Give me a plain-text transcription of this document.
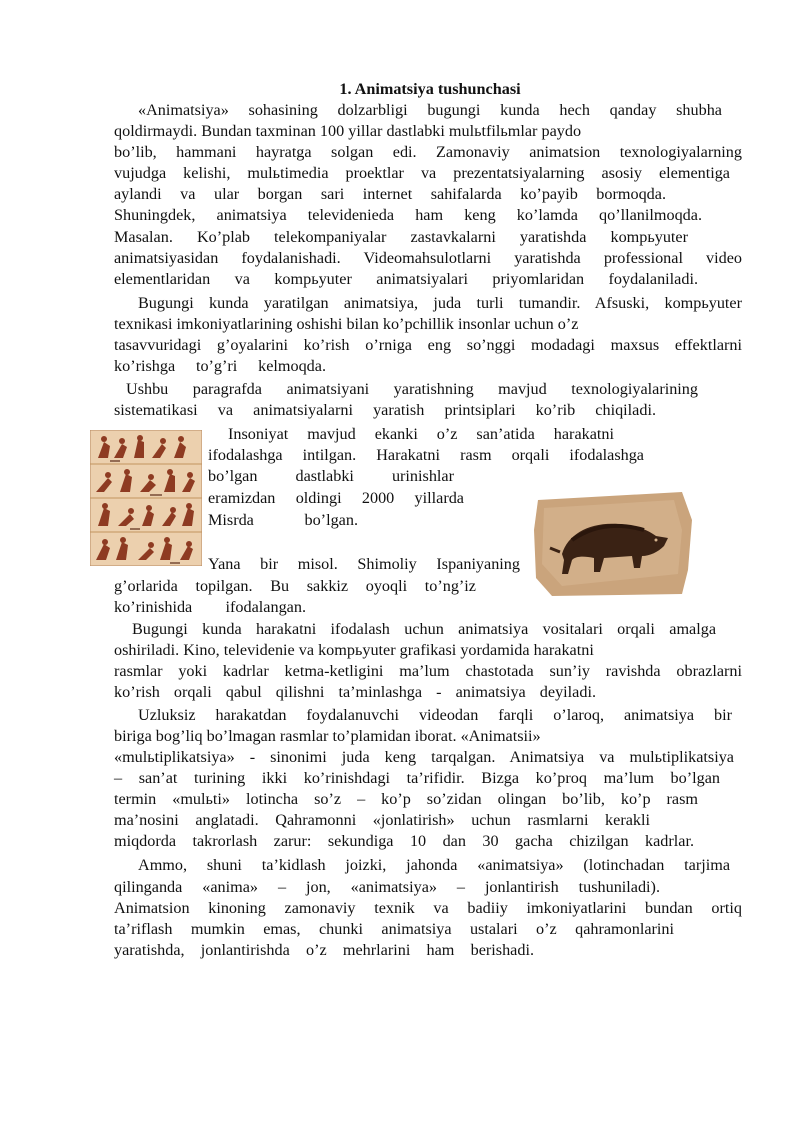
1. Animatsiya tushunchasi
«Animatsiya» sohasining dolzarbligi bugungi kunda hech qanday shubha
qoldirmaydi. Bundan taxminan 100 yillar dastlabki mulьtfilьmlar paydo
bo’lib, hammani hayratga solgan edi. Zamonaviy animatsion texnologiyalarning
vujudga kelishi, mulьtimedia proektlar va prezentatsiyalarning asosiy elementiga
aylandi va ular borgan sari internet sahifalarda ko’payib bormoqda.
Shuningdek, animatsiya televidenieda ham keng ko’lamda qo’llanilmoqda.
Masalan. Ko’plab telekompaniyalar zastavkalarni yaratishda kompьyuter
animatsiyasidan foydalanishadi. Videomahsulotlarni yaratishda professional video
elementlaridan va kompьyuter animatsiyalari priyomlaridan foydalaniladi.
Bugungi kunda yaratilgan animatsiya, juda turli tumandir. Afsuski, kompьyuter
texnikasi imkoniyatlarining oshishi bilan ko’pchillik insonlar uchun o’z
tasavvuridagi g’oyalarini ko’rish o’rniga eng so’nggi modadagi maxsus effektlarni
ko’rishga to’g’ri kelmoqda.
Ushbu paragrafda animatsiyani yaratishning mavjud texnologiyalarining
sistematikasi va animatsiyalarni yaratish printsiplari ko’rib chiqiladi.
Insoniyat mavjud ekanki o’z san’atida harakatni
ifodalashga intilgan. Harakatni rasm orqali ifodalashga
bo’lgan dastlabki urinishlar
eramizdan oldingi 2000 yillarda
Misrda bo’lgan.
Yana bir misol. Shimoliy Ispaniyaning
g’orlarida topilgan. Bu sakkiz oyoqli to’ng’iz
ko’rinishida ifodalangan.
Bugungi kunda harakatni ifodalash uchun animatsiya vositalari orqali amalga
oshiriladi. Kino, televidenie va kompьyuter grafikasi yordamida harakatni
rasmlar yoki kadrlar ketma-ketligini ma’lum chastotada sun’iy ravishda obrazlarni
ko’rish orqali qabul qilishni ta’minlashga - animatsiya deyiladi.
Uzluksiz harakatdan foydalanuvchi videodan farqli o’laroq, animatsiya bir
biriga bog’liq bo’lmagan rasmlar to’plamidan iborat. «Animatsii»
«mulьtiplikatsiya» - sinonimi juda keng tarqalgan. Animatsiya va mulьtiplikatsiya
– san’at turining ikki ko’rinishdagi ta’rifidir. Bizga ko’proq ma’lum bo’lgan
termin «mulьti» lotincha so’z – ko’p so’zidan olingan bo’lib, ko’p rasm
ma’nosini anglatadi. Qahramonni «jonlatirish» uchun rasmlarni kerakli
miqdorda takrorlash zarur: sekundiga 10 dan 30 gacha chizilgan kadrlar.
Ammo, shuni ta’kidlash joizki, jahonda «animatsiya» (lotinchadan tarjima
qilinganda «anima» – jon, «animatsiya» – jonlantirish tushuniladi).
Animatsion kinoning zamonaviy texnik va badiiy imkoniyatlarini bundan ortiq
ta’riflash mumkin emas, chunki animatsiya ustalari o’z qahramonlarini
yaratishda, jonlantirishda o’z mehrlarini ham berishadi.
